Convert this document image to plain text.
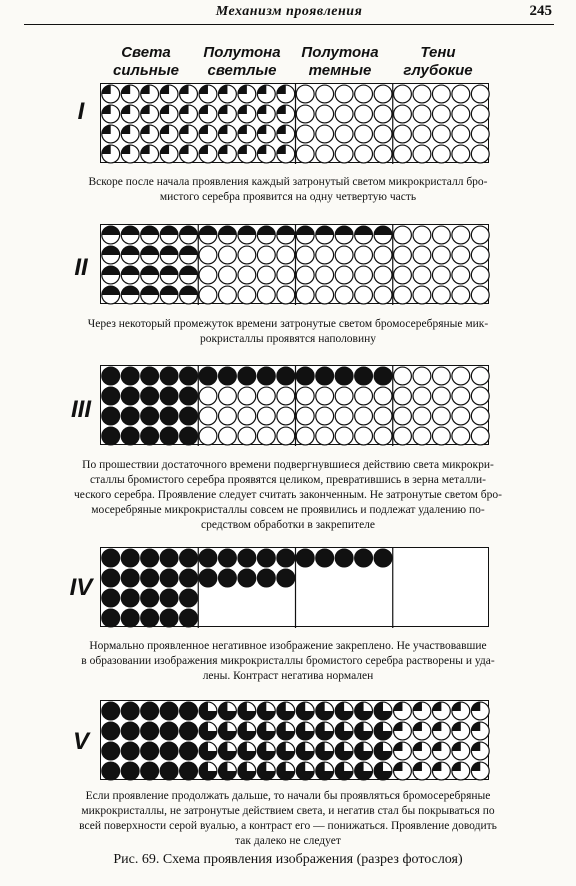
Механизм проявления	245
Света
сильные
Полутона
светлые
Полутона
темные
Тени
глубокие
I
Вскоре после начала проявления каждый затронутый светом микрокристалл бро-
мистого серебра проявится на одну четвертую часть
II
Через некоторый промежуток времени затронутые светом бромосеребряные мик-
рокристаллы проявятся наполовину
III
По прошествии достаточного времени подвергнувшиеся действию света микрокри-
сталлы бромистого серебра проявятся целиком, превратившись в зерна металли-
ческого серебра. Проявление следует считать законченным. Не затронутые светом бро-
мосеребряные микрокристаллы совсем не проявились и подлежат удалению по-
средством обработки в закрепителе
IV
Нормально проявленное негативное изображение закреплено. Не участвовавшие
в образовании изображения микрокристаллы бромистого серебра растворены и уда-
лены. Контраст негатива нормален
V
Если проявление продолжать дальше, то начали бы проявляться бромосеребряные
микрокристаллы, не затронутые действием света, и негатив стал бы покрываться по
всей поверхности серой вуалью, а контраст его — понижаться. Проявление доводить
так далеко не следует
Рис. 69. Схема проявления изображения (разрез фотослоя)
